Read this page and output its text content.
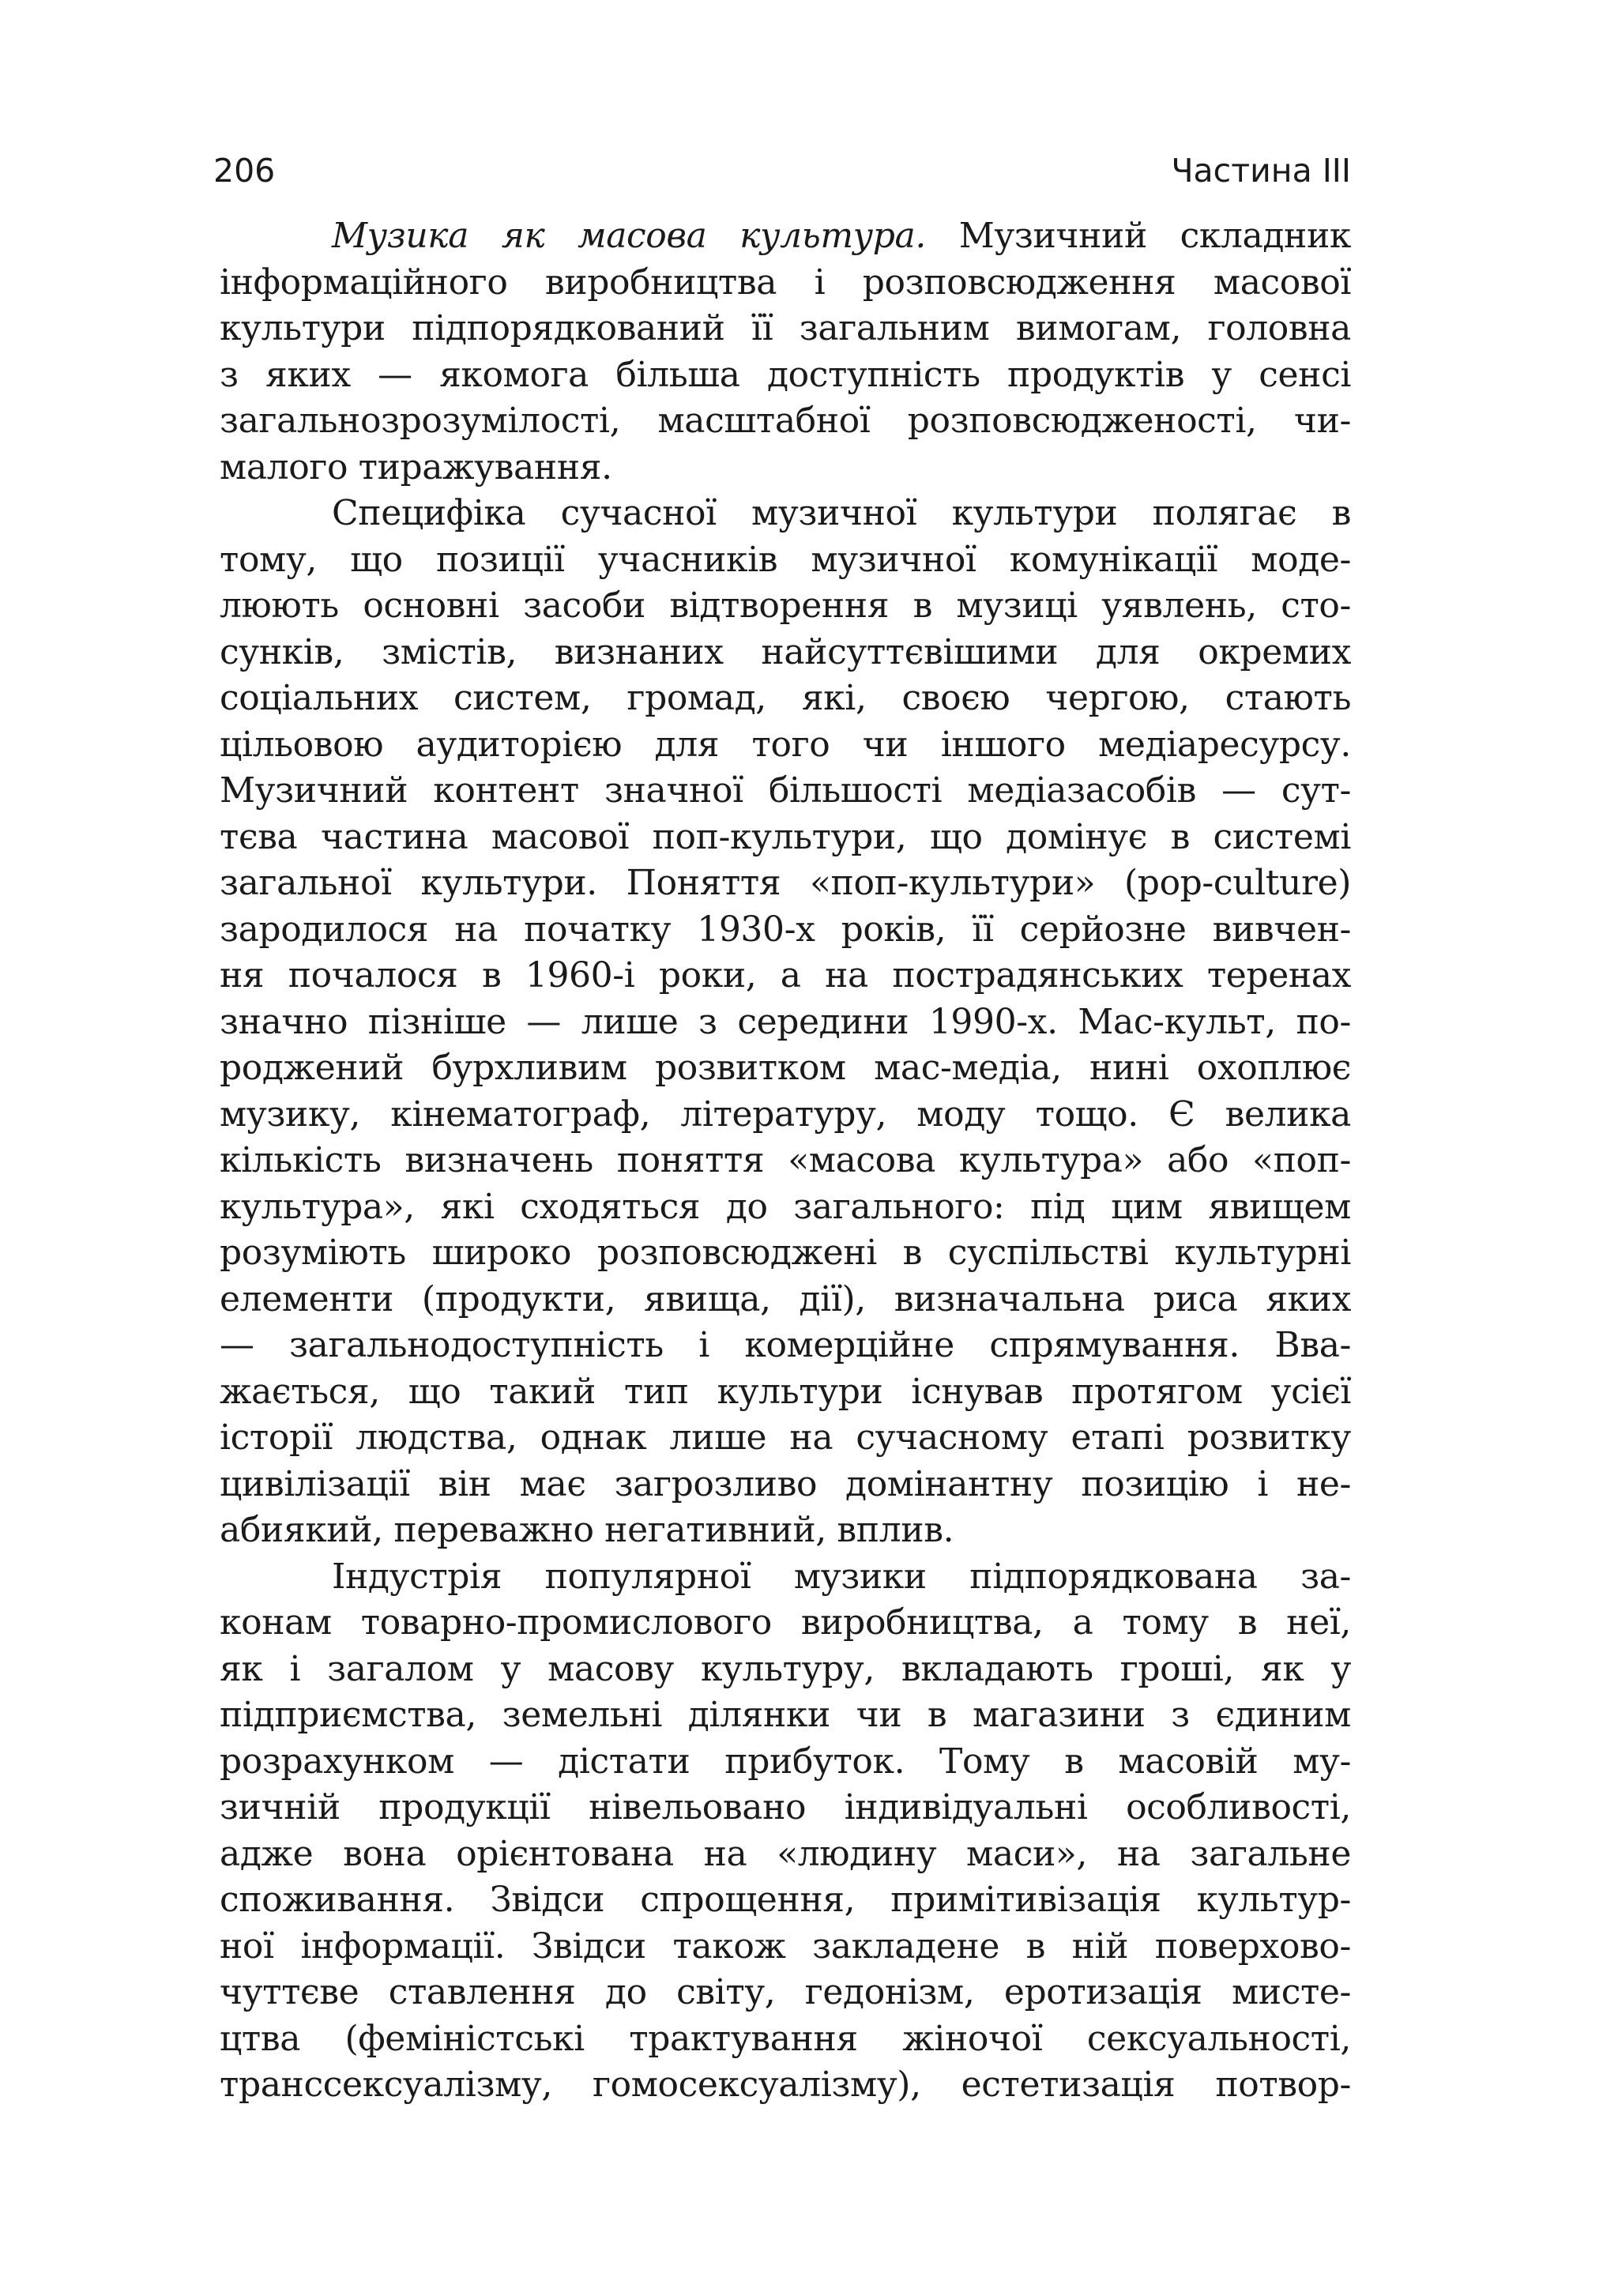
206	Частина III
Музика як масова культура. Музичний складник
інформаційного виробництва і розповсюдження масової
культури підпорядкований її загальним вимогам, головна
з яких — якомога більша доступність продуктів у сенсі
загальнозрозумілості, масштабної розповсюдженості, чи-
малого тиражування.
Специфіка сучасної музичної культури полягає в
тому, що позиції учасників музичної комунікації моде-
люють основні засоби відтворення в музиці уявлень, сто-
сунків, змістів, визнаних найсуттєвішими для окремих
соціальних систем, громад, які, своєю чергою, стають
цільовою аудиторією для того чи іншого медіаресурсу.
Музичний контент значної більшості медіазасобів — сут-
тєва частина масової поп-культури, що домінує в системі
загальної культури. Поняття «поп-культури» (pop-culture)
зародилося на початку 1930-х років, її серйозне вивчен-
ня почалося в 1960-і роки, а на пострадянських теренах
значно пізніше — лише з середини 1990-х. Мас-культ, по-
роджений бурхливим розвитком мас-медіа, нині охоплює
музику, кінематограф, літературу, моду тощо. Є велика
кількість визначень поняття «масова культура» або «поп-
культура», які сходяться до загального: під цим явищем
розуміють широко розповсюджені в суспільстві культурні
елементи (продукти, явища, дії), визначальна риса яких
— загальнодоступність і комерційне спрямування. Вва-
жається, що такий тип культури існував протягом усієї
історії людства, однак лише на сучасному етапі розвитку
цивілізації він має загрозливо домінантну позицію і не-
абиякий, переважно негативний, вплив.
Індустрія популярної музики підпорядкована за-
конам товарно-промислового виробництва, а тому в неї,
як і загалом у масову культуру, вкладають гроші, як у
підприємства, земельні ділянки чи в магазини з єдиним
розрахунком — дістати прибуток. Тому в масовій му-
зичній продукції нівельовано індивідуальні особливості,
адже вона орієнтована на «людину маси», на загальне
споживання. Звідси спрощення, примітивізація культур-
ної інформації. Звідси також закладене в ній поверхово-
чуттєве ставлення до світу, гедонізм, еротизація мисте-
цтва (феміністські трактування жіночої сексуальності,
транссексуалізму, гомосексуалізму), естетизація потвор-
